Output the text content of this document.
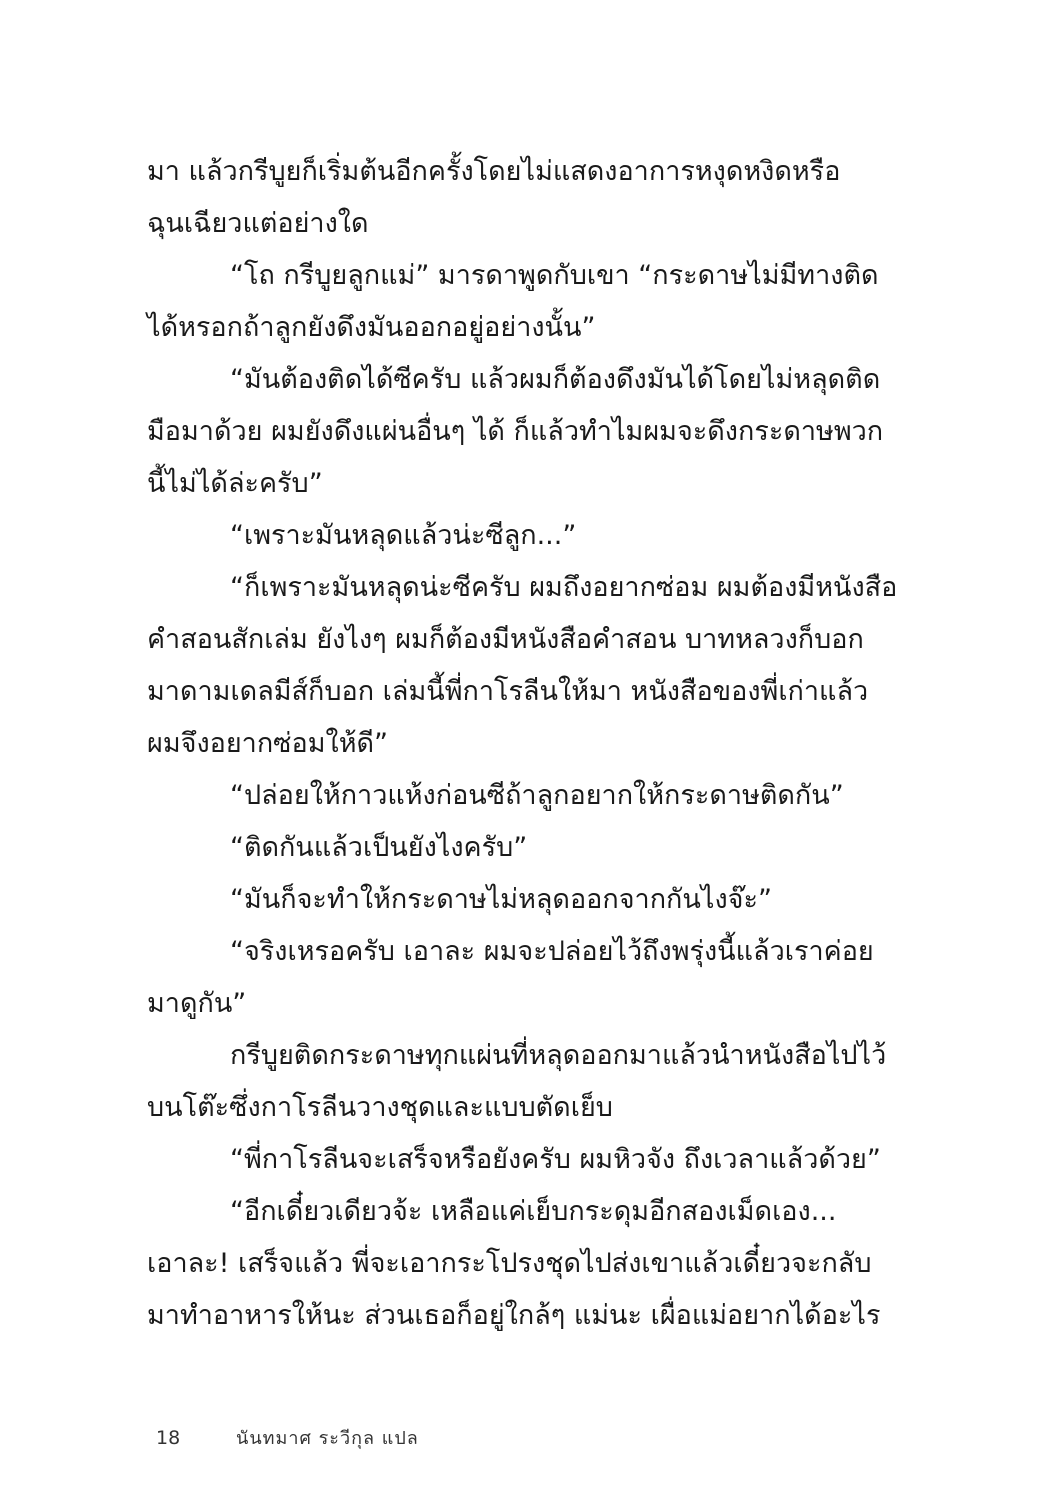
มา แล้วกรีบูยก็เริ่มต้นอีกครั้งโดยไม่แสดงอาการหงุดหงิดหรือ
ฉุนเฉียวแต่อย่างใด
“โถ กรีบูยลูกแม่” มารดาพูดกับเขา “กระดาษไม่มีทางติด
ได้หรอกถ้าลูกยังดึงมันออกอยู่อย่างนั้น”
“มันต้องติดได้ซีครับ แล้วผมก็ต้องดึงมันได้โดยไม่หลุดติด
มือมาด้วย ผมยังดึงแผ่นอื่นๆ ได้ ก็แล้วทำไมผมจะดึงกระดาษพวก
นี้ไม่ได้ล่ะครับ”
“เพราะมันหลุดแล้วน่ะซีลูก...”
“ก็เพราะมันหลุดน่ะซีครับ ผมถึงอยากซ่อม ผมต้องมีหนังสือ
คำสอนสักเล่ม ยังไงๆ ผมก็ต้องมีหนังสือคำสอน บาทหลวงก็บอก
มาดามเดลมีส์ก็บอก เล่มนี้พี่กาโรลีนให้มา หนังสือของพี่เก่าแล้ว
ผมจึงอยากซ่อมให้ดี”
“ปล่อยให้กาวแห้งก่อนซีถ้าลูกอยากให้กระดาษติดกัน”
“ติดกันแล้วเป็นยังไงครับ”
“มันก็จะทำให้กระดาษไม่หลุดออกจากกันไงจ๊ะ”
“จริงเหรอครับ เอาละ ผมจะปล่อยไว้ถึงพรุ่งนี้แล้วเราค่อย
มาดูกัน”
กรีบูยติดกระดาษทุกแผ่นที่หลุดออกมาแล้วนำหนังสือไปไว้
บนโต๊ะซึ่งกาโรลีนวางชุดและแบบตัดเย็บ
“พี่กาโรลีนจะเสร็จหรือยังครับ ผมหิวจัง ถึงเวลาแล้วด้วย”
“อีกเดี๋ยวเดียวจ้ะ เหลือแค่เย็บกระดุมอีกสองเม็ดเอง...
เอาละ! เสร็จแล้ว พี่จะเอากระโปรงชุดไปส่งเขาแล้วเดี๋ยวจะกลับ
มาทำอาหารให้นะ ส่วนเธอก็อยู่ใกล้ๆ แม่นะ เผื่อแม่อยากได้อะไร
18	นันทมาศ ระวีกุล แปล
